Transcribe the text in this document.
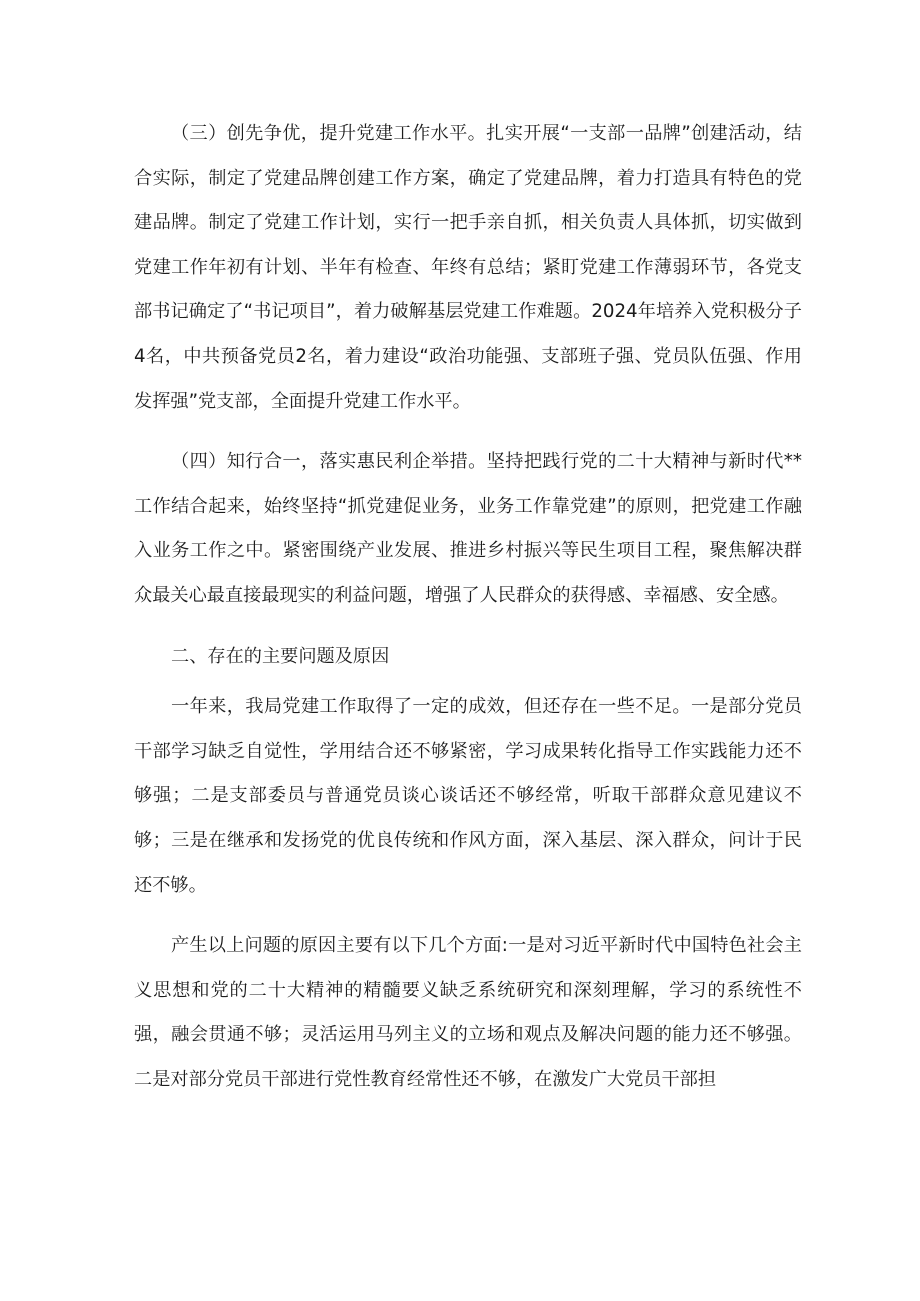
（三）创先争优，提升党建工作水平。扎实开展“一支部一品牌”创建活动，结合实际，制定了党建品牌创建工作方案，确定了党建品牌，着力打造具有特色的党建品牌。制定了党建工作计划，实行一把手亲自抓，相关负责人具体抓，切实做到党建工作年初有计划、半年有检查、年终有总结；紧盯党建工作薄弱环节，各党支部书记确定了“书记项目”，着力破解基层党建工作难题。2024年培养入党积极分子4名，中共预备党员2名，着力建设“政治功能强、支部班子强、党员队伍强、作用发挥强”党支部，全面提升党建工作水平。

（四）知行合一，落实惠民利企举措。坚持把践行党的二十大精神与新时代**工作结合起来，始终坚持“抓党建促业务，业务工作靠党建”的原则，把党建工作融入业务工作之中。紧密围绕产业发展、推进乡村振兴等民生项目工程，聚焦解决群众最关心最直接最现实的利益问题，增强了人民群众的获得感、幸福感、安全感。

二、存在的主要问题及原因

一年来，我局党建工作取得了一定的成效，但还存在一些不足。一是部分党员干部学习缺乏自觉性，学用结合还不够紧密，学习成果转化指导工作实践能力还不够强；二是支部委员与普通党员谈心谈话还不够经常，听取干部群众意见建议不够；三是在继承和发扬党的优良传统和作风方面，深入基层、深入群众，问计于民还不够。

产生以上问题的原因主要有以下几个方面:一是对习近平新时代中国特色社会主义思想和党的二十大精神的精髓要义缺乏系统研究和深刻理解，学习的系统性不强，融会贯通不够；灵活运用马列主义的立场和观点及解决问题的能力还不够强。二是对部分党员干部进行党性教育经常性还不够，在激发广大党员干部担
